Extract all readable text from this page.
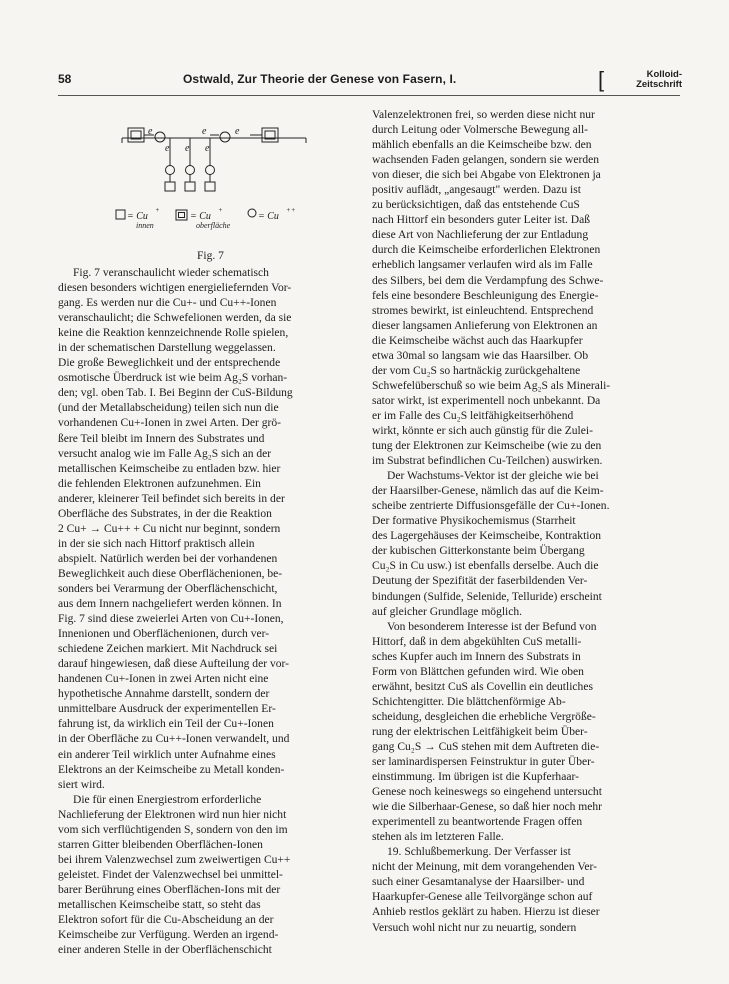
58	Ostwald, Zur Theorie der Genese von Fasern, I.	[	Kolloid-
Zeitschrift
e	e	e
e e e
= Cu
+
innen
= Cu
+
oberfläche
= Cu
++
Fig. 7

Fig. 7 veranschaulicht wieder schematisch

diesen besonders wichtigen energieliefernden Vor-

gang. Es werden nur die Cu+- und Cu++-Ionen

veranschaulicht; die Schwefelionen werden, da sie

keine die Reaktion kennzeichnende Rolle spielen,

in der schematischen Darstellung weggelassen.

Die große Beweglichkeit und der entsprechende

osmotische Überdruck ist wie beim Ag₂S vorhan-

den; vgl. oben Tab. I. Bei Beginn der CuS-Bildung

(und der Metallabscheidung) teilen sich nun die

vorhandenen Cu+-Ionen in zwei Arten. Der grö-

ßere Teil bleibt im Innern des Substrates und

versucht analog wie im Falle Ag₂S sich an der

metallischen Keimscheibe zu entladen bzw. hier

die fehlenden Elektronen aufzunehmen. Ein

anderer, kleinerer Teil befindet sich bereits in der

Oberfläche des Substrates, in der die Reaktion

2 Cu+ → Cu++ + Cu nicht nur beginnt, sondern

in der sie sich nach Hittorf praktisch allein

abspielt. Natürlich werden bei der vorhandenen

Beweglichkeit auch diese Oberflächenionen, be-

sonders bei Verarmung der Oberflächenschicht,

aus dem Innern nachgeliefert werden können. In

Fig. 7 sind diese zweierlei Arten von Cu+-Ionen,

Innenionen und Oberflächenionen, durch ver-

schiedene Zeichen markiert. Mit Nachdruck sei

darauf hingewiesen, daß diese Aufteilung der vor-

handenen Cu+-Ionen in zwei Arten nicht eine

hypothetische Annahme darstellt, sondern der

unmittelbare Ausdruck der experimentellen Er-

fahrung ist, da wirklich ein Teil der Cu+-Ionen

in der Oberfläche zu Cu++-Ionen verwandelt, und

ein anderer Teil wirklich unter Aufnahme eines

Elektrons an der Keimscheibe zu Metall konden-

siert wird.

Die für einen Energiestrom erforderliche

Nachlieferung der Elektronen wird nun hier nicht

vom sich verflüchtigenden S, sondern von den im

starren Gitter bleibenden Oberflächen-Ionen

bei ihrem Valenzwechsel zum zweiwertigen Cu++

geleistet. Findet der Valenzwechsel bei unmittel-

barer Berührung eines Oberflächen-Ions mit der

metallischen Keimscheibe statt, so steht das

Elektron sofort für die Cu-Abscheidung an der

Keimscheibe zur Verfügung. Werden an irgend-

einer anderen Stelle in der Oberflächenschicht

Valenzelektronen frei, so werden diese nicht nur

durch Leitung oder Volmersche Bewegung all-

mählich ebenfalls an die Keimscheibe bzw. den

wachsenden Faden gelangen, sondern sie werden

von dieser, die sich bei Abgabe von Elektronen ja

positiv auflädt, „angesaugt" werden. Dazu ist

zu berücksichtigen, daß das entstehende CuS

nach Hittorf ein besonders guter Leiter ist. Daß

diese Art von Nachlieferung der zur Entladung

durch die Keimscheibe erforderlichen Elektronen

erheblich langsamer verlaufen wird als im Falle

des Silbers, bei dem die Verdampfung des Schwe-

fels eine besondere Beschleunigung des Energie-

stromes bewirkt, ist einleuchtend. Entsprechend

dieser langsamen Anlieferung von Elektronen an

die Keimscheibe wächst auch das Haarkupfer

etwa 30mal so langsam wie das Haarsilber. Ob

der vom Cu₂S so hartnäckig zurückgehaltene

Schwefelüberschuß so wie beim Ag₂S als Minerali-

sator wirkt, ist experimentell noch unbekannt. Da

er im Falle des Cu₂S leitfähigkeitserhöhend

wirkt, könnte er sich auch günstig für die Zulei-

tung der Elektronen zur Keimscheibe (wie zu den

im Substrat befindlichen Cu-Teilchen) auswirken.

Der Wachstums-Vektor ist der gleiche wie bei

der Haarsilber-Genese, nämlich das auf die Keim-

scheibe zentrierte Diffusionsgefälle der Cu+-Ionen.

Der formative Physikochemismus (Starrheit

des Lagergehäuses der Keimscheibe, Kontraktion

der kubischen Gitterkonstante beim Übergang

Cu₂S in Cu usw.) ist ebenfalls derselbe. Auch die

Deutung der Spezifität der faserbildenden Ver-

bindungen (Sulfide, Selenide, Telluride) erscheint

auf gleicher Grundlage möglich.

Von besonderem Interesse ist der Befund von

Hittorf, daß in dem abgekühlten CuS metalli-

sches Kupfer auch im Innern des Substrats in

Form von Blättchen gefunden wird. Wie oben

erwähnt, besitzt CuS als Covellin ein deutliches

Schichtengitter. Die blättchenförmige Ab-

scheidung, desgleichen die erhebliche Vergröße-

rung der elektrischen Leitfähigkeit beim Über-

gang Cu₂S → CuS stehen mit dem Auftreten die-

ser laminardispersen Feinstruktur in guter Über-

einstimmung. Im übrigen ist die Kupferhaar-

Genese noch keineswegs so eingehend untersucht

wie die Silberhaar-Genese, so daß hier noch mehr

experimentell zu beantwortende Fragen offen

stehen als im letzteren Falle.

19. Schlußbemerkung. Der Verfasser ist

nicht der Meinung, mit dem vorangehenden Ver-

such einer Gesamtanalyse der Haarsilber- und

Haarkupfer-Genese alle Teilvorgänge schon auf

Anhieb restlos geklärt zu haben. Hierzu ist dieser

Versuch wohl nicht nur zu neuartig, sondern
